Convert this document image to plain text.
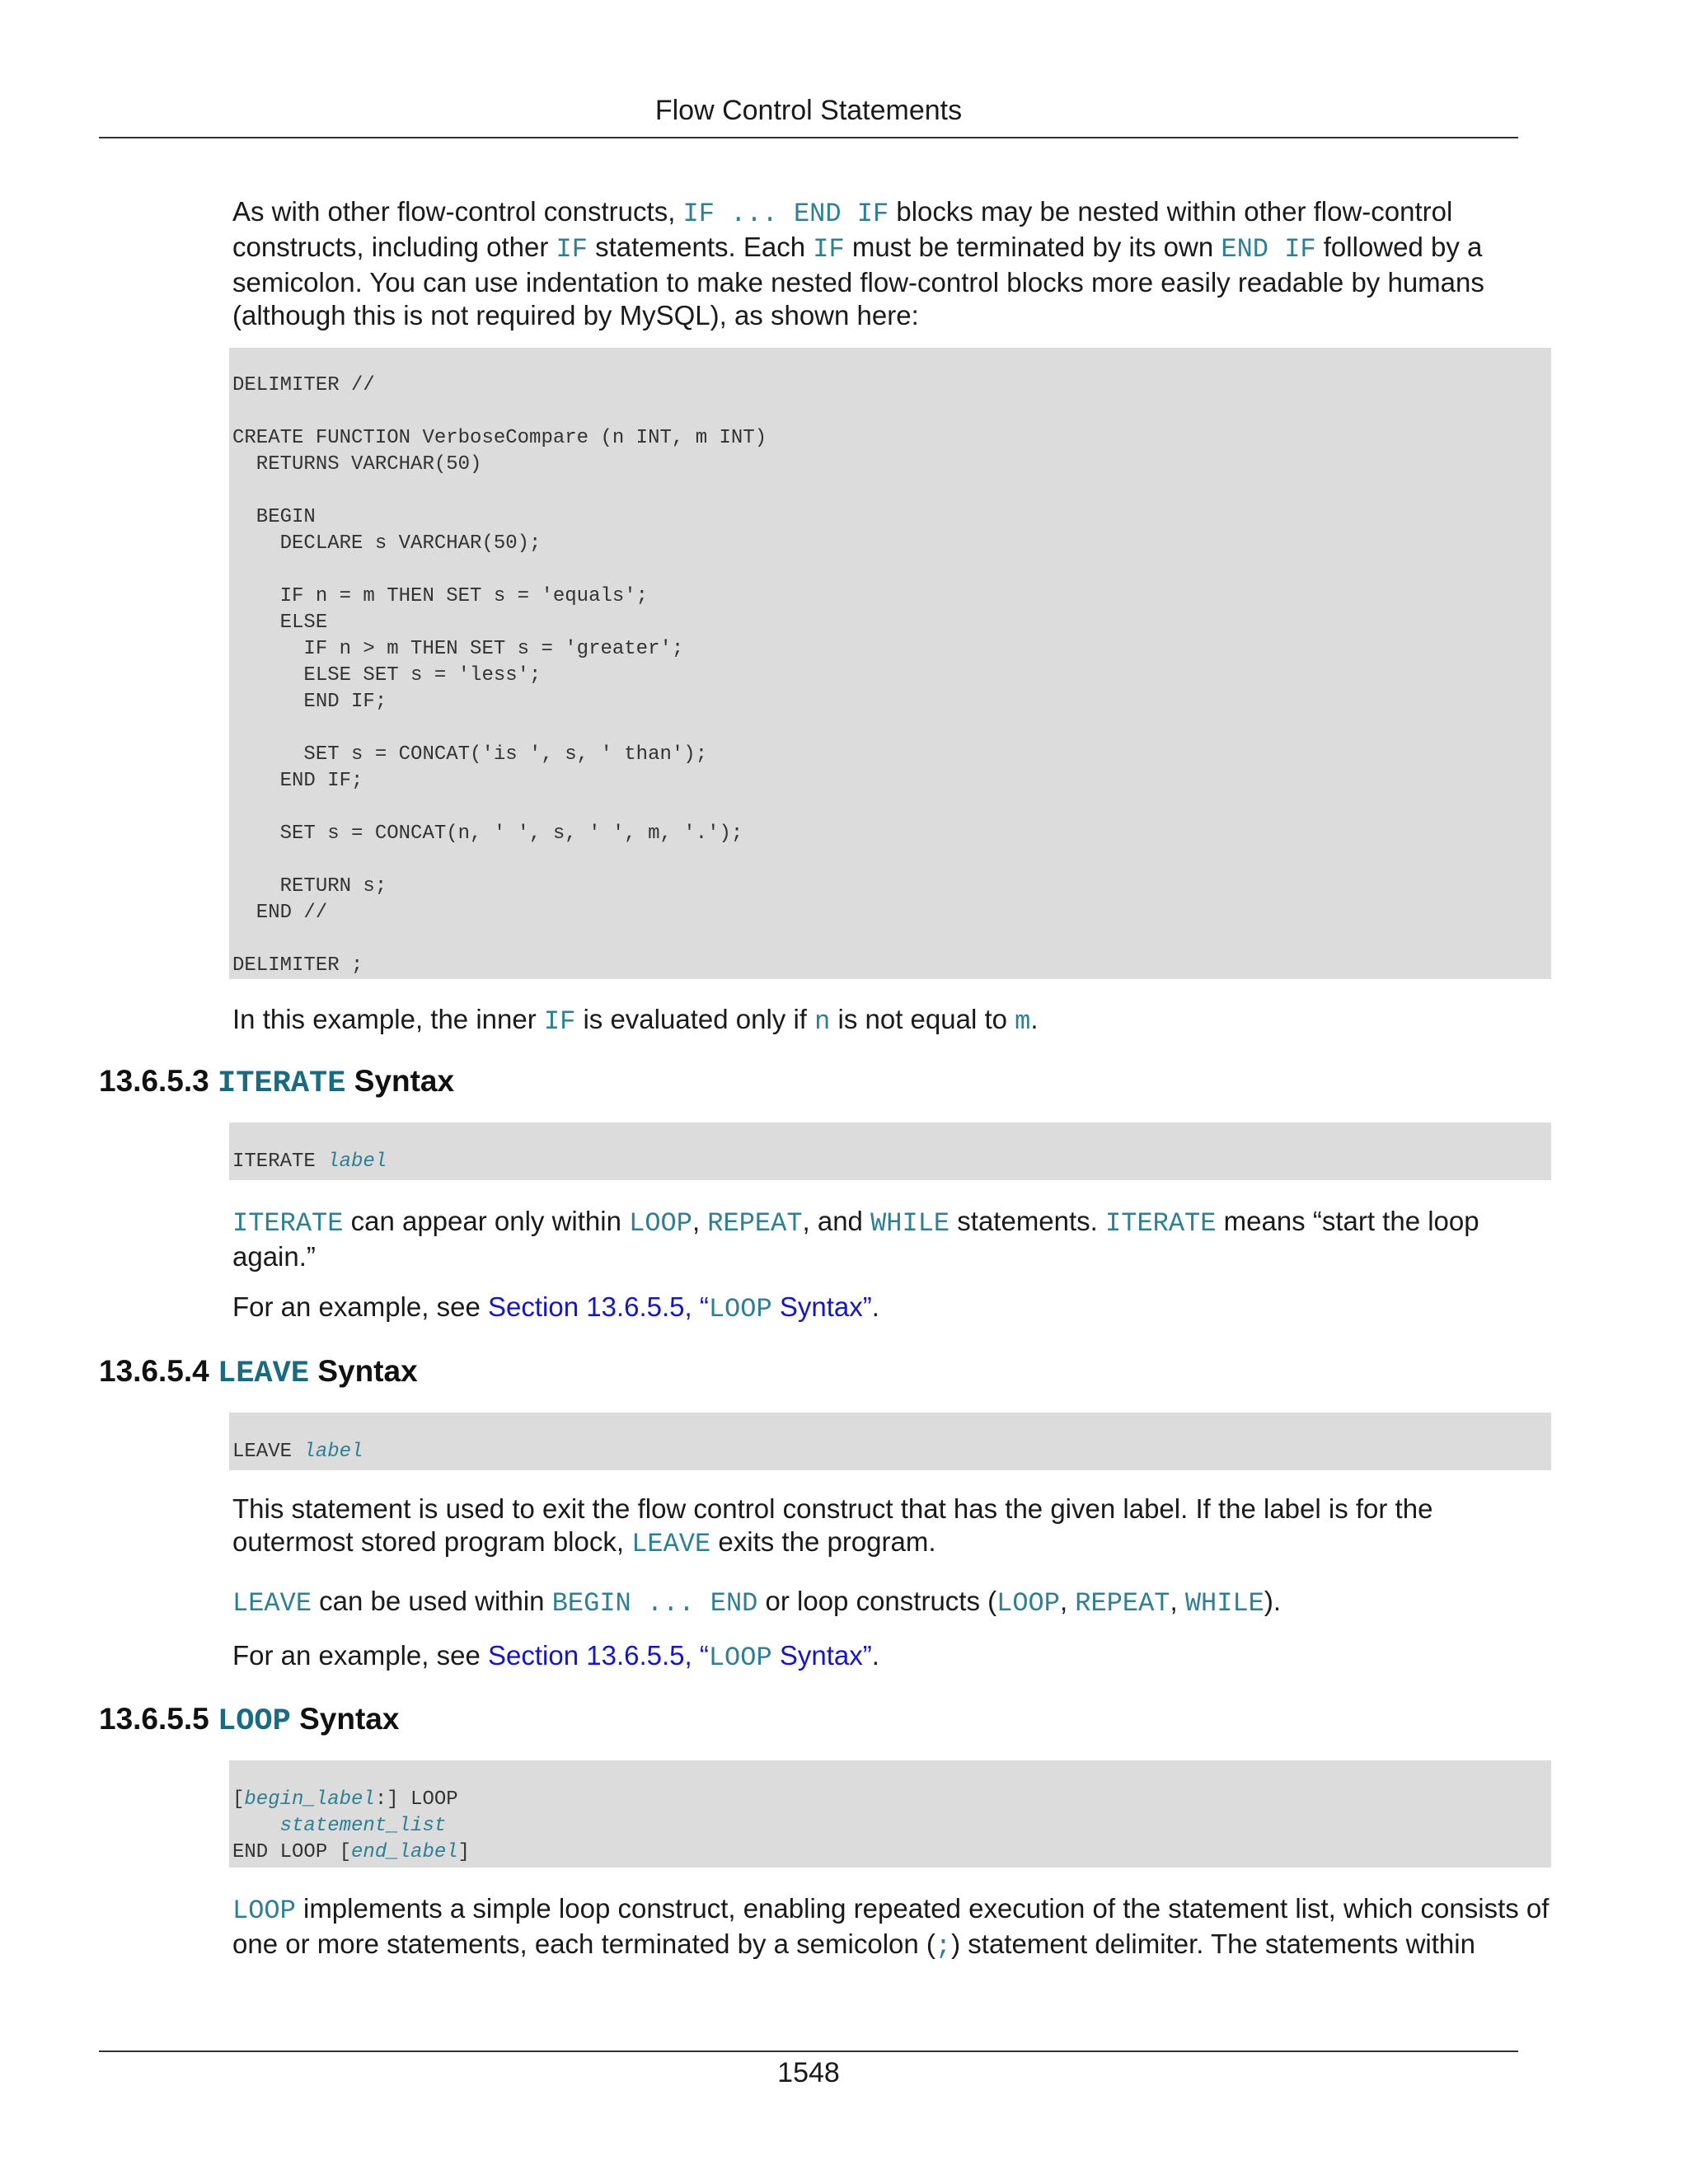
Flow Control Statements

As with other flow-control constructs, IF ... END IF blocks may be nested within other flow-control constructs, including other IF statements. Each IF must be terminated by its own END IF followed by a semicolon. You can use indentation to make nested flow-control blocks more easily readable by humans (although this is not required by MySQL), as shown here:

DELIMITER //

CREATE FUNCTION VerboseCompare (n INT, m INT)
RETURNS VARCHAR(50)

BEGIN
DECLARE s VARCHAR(50);

IF n = m THEN SET s = 'equals';
ELSE
IF n > m THEN SET s = 'greater';
ELSE SET s = 'less';
END IF;

SET s = CONCAT('is ', s, ' than');
END IF;

SET s = CONCAT(n, ' ', s, ' ', m, '.');

RETURN s;
END //

DELIMITER ;

In this example, the inner IF is evaluated only if n is not equal to m.

13.6.5.3 ITERATE Syntax
ITERATE label

ITERATE can appear only within LOOP, REPEAT, and WHILE statements. ITERATE means “start the loop again.”

For an example, see Section 13.6.5.5, “LOOP Syntax”.

13.6.5.4 LEAVE Syntax
LEAVE label

This statement is used to exit the flow control construct that has the given label. If the label is for the outermost stored program block, LEAVE exits the program.

LEAVE can be used within BEGIN ... END or loop constructs (LOOP, REPEAT, WHILE).

For an example, see Section 13.6.5.5, “LOOP Syntax”.

13.6.5.5 LOOP Syntax
[begin_label:] LOOP
statement_list
END LOOP [end_label]

LOOP implements a simple loop construct, enabling repeated execution of the statement list, which consists of one or more statements, each terminated by a semicolon (;) statement delimiter. The statements within

1548
